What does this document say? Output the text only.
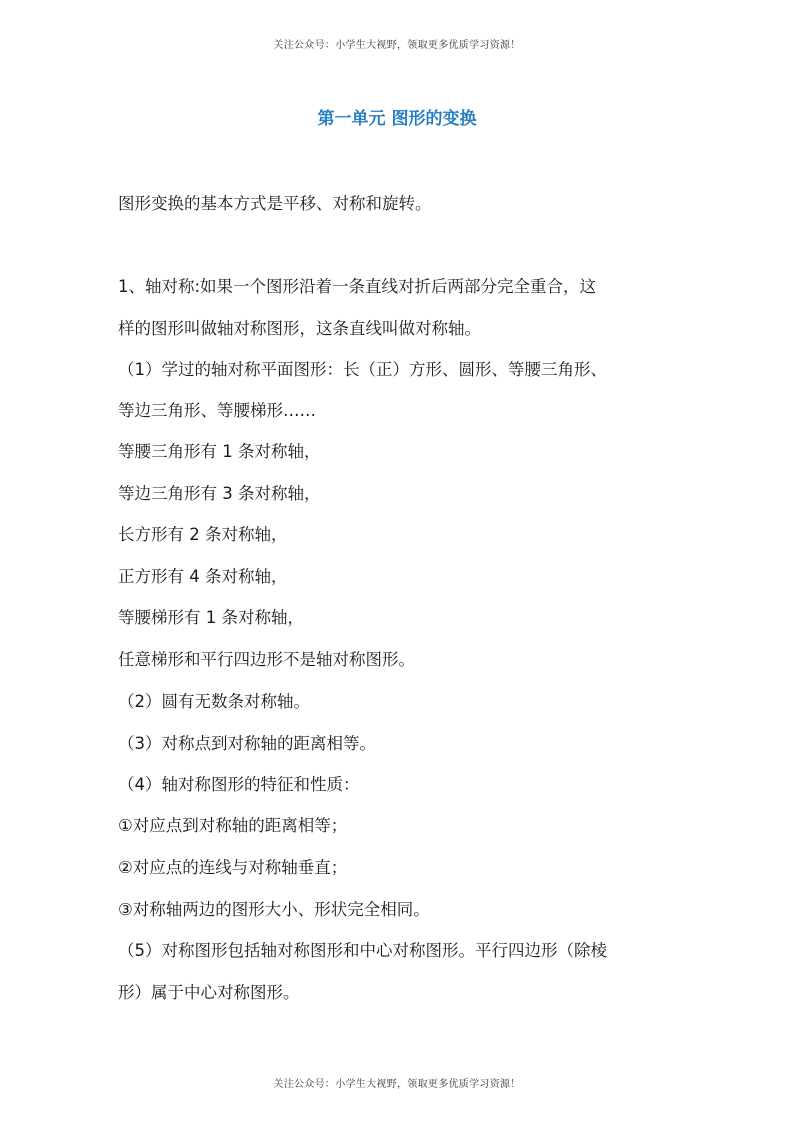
关注公众号：小学生大视野，领取更多优质学习资源！
第一单元 图形的变换
图形变换的基本方式是平移、对称和旋转。
1、轴对称:如果一个图形沿着一条直线对折后两部分完全重合，这
样的图形叫做轴对称图形，这条直线叫做对称轴。
（1）学过的轴对称平面图形：长（正）方形、圆形、等腰三角形、
等边三角形、等腰梯形……
等腰三角形有 1 条对称轴，
等边三角形有 3 条对称轴，
长方形有 2 条对称轴，
正方形有 4 条对称轴，
等腰梯形有 1 条对称轴，
任意梯形和平行四边形不是轴对称图形。
（2）圆有无数条对称轴。
（3）对称点到对称轴的距离相等。
（4）轴对称图形的特征和性质：
①对应点到对称轴的距离相等；
②对应点的连线与对称轴垂直；
③对称轴两边的图形大小、形状完全相同。
（5）对称图形包括轴对称图形和中心对称图形。平行四边形（除棱
形）属于中心对称图形。
关注公众号：小学生大视野，领取更多优质学习资源！
